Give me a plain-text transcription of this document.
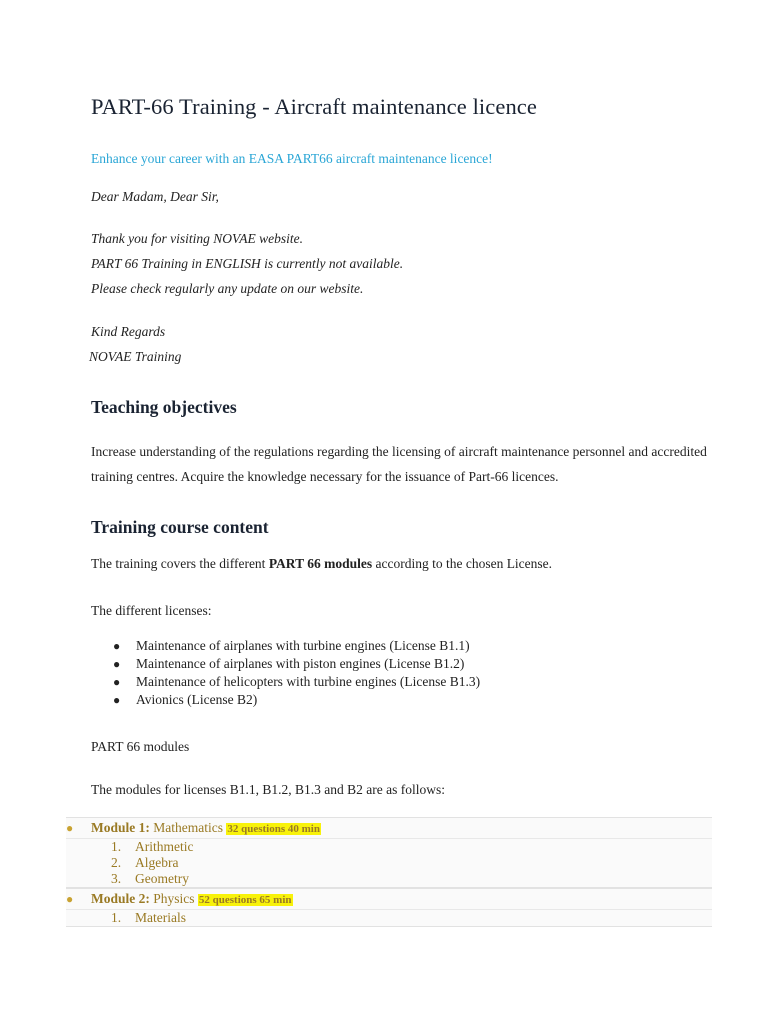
PART-66 Training - Aircraft maintenance licence
Enhance your career with an EASA PART66 aircraft maintenance licence!
Dear Madam, Dear Sir,
Thank you for visiting NOVAE website.
PART 66 Training in ENGLISH is currently not available.
Please check regularly any update on our website.
Kind Regards
NOVAE Training
Teaching objectives

Increase understanding of the regulations regarding the licensing of aircraft maintenance personnel and accredited training centres. Acquire the knowledge necessary for the issuance of Part-66 licences.

Training course content
The training covers the different PART 66 modules according to the chosen License.
The different licenses:
● Maintenance of airplanes with turbine engines (License B1.1)
● Maintenance of airplanes with piston engines (License B1.2)
● Maintenance of helicopters with turbine engines (License B1.3)
● Avionics (License B2)
PART 66 modules
The modules for licenses B1.1, B1.2, B1.3 and B2 are as follows:
● Module 1: Mathematics 32 questions 40 min
1. Arithmetic
2. Algebra
3. Geometry
● Module 2: Physics 52 questions 65 min
1. Materials
